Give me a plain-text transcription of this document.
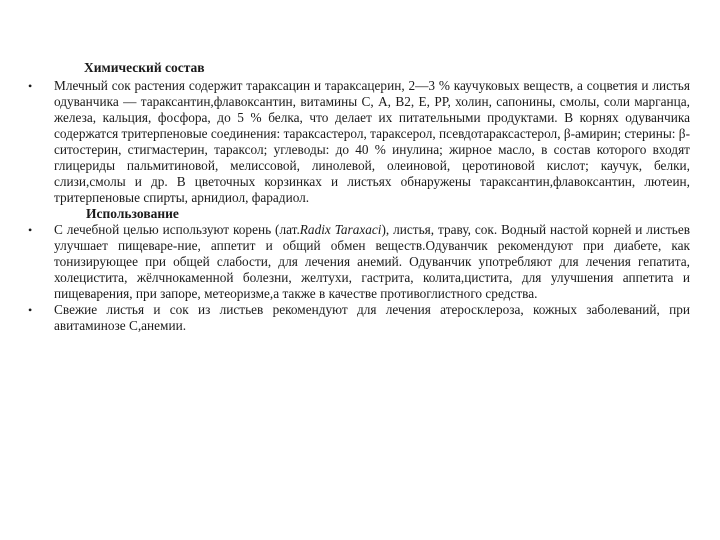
Химический состав
• Млечный сок растения содержит тараксацин и тараксацерин, 2—3 % каучуковых веществ, а соцветия и листья одуванчика — тараксантин,флавоксантин, витамины С, А, В2, Е, РР, холин, сапонины, смолы, соли марганца, железа, кальция, фосфора, до 5 % белка, что делает их питательными продуктами. В корнях одуванчика содержатся тритерпеновые соединения: тараксастерол, тараксерол, псевдотараксастерол, β-амирин; стерины: β-ситостерин, стигмастерин, тараксол; углеводы: до 40 % инулина; жирное масло, в состав которого входят глицериды пальмитиновой, мелиссовой, линолевой, олеиновой, церотиновой кислот; каучук, белки, слизи,смолы и др. В цветочных корзинках и листьях обнаружены тараксантин,флавоксантин, лютеин, тритерпеновые спирты, арнидиол, фарадиол.

Использование
• С лечебной целью используют корень (лат.Radix Taraxaci), листья, траву, сок. Водный настой корней и листьев улучшает пищеваре-ние, аппетит и общий обмен веществ.Одуванчик рекомендуют при диабете, как тонизирующее при общей слабости, для лечения анемий. Одуванчик употребляют для лечения гепатита, холецистита, жёлчнокаменной болезни, желтухи, гастрита, колита,цистита, для улучшения аппетита и пищеварения, при запоре, метеоризме,а также в качестве противоглистного средства.

• Свежие листья и сок из листьев рекомендуют для лечения атеросклероза, кожных заболеваний, при авитаминозе С,анемии.
